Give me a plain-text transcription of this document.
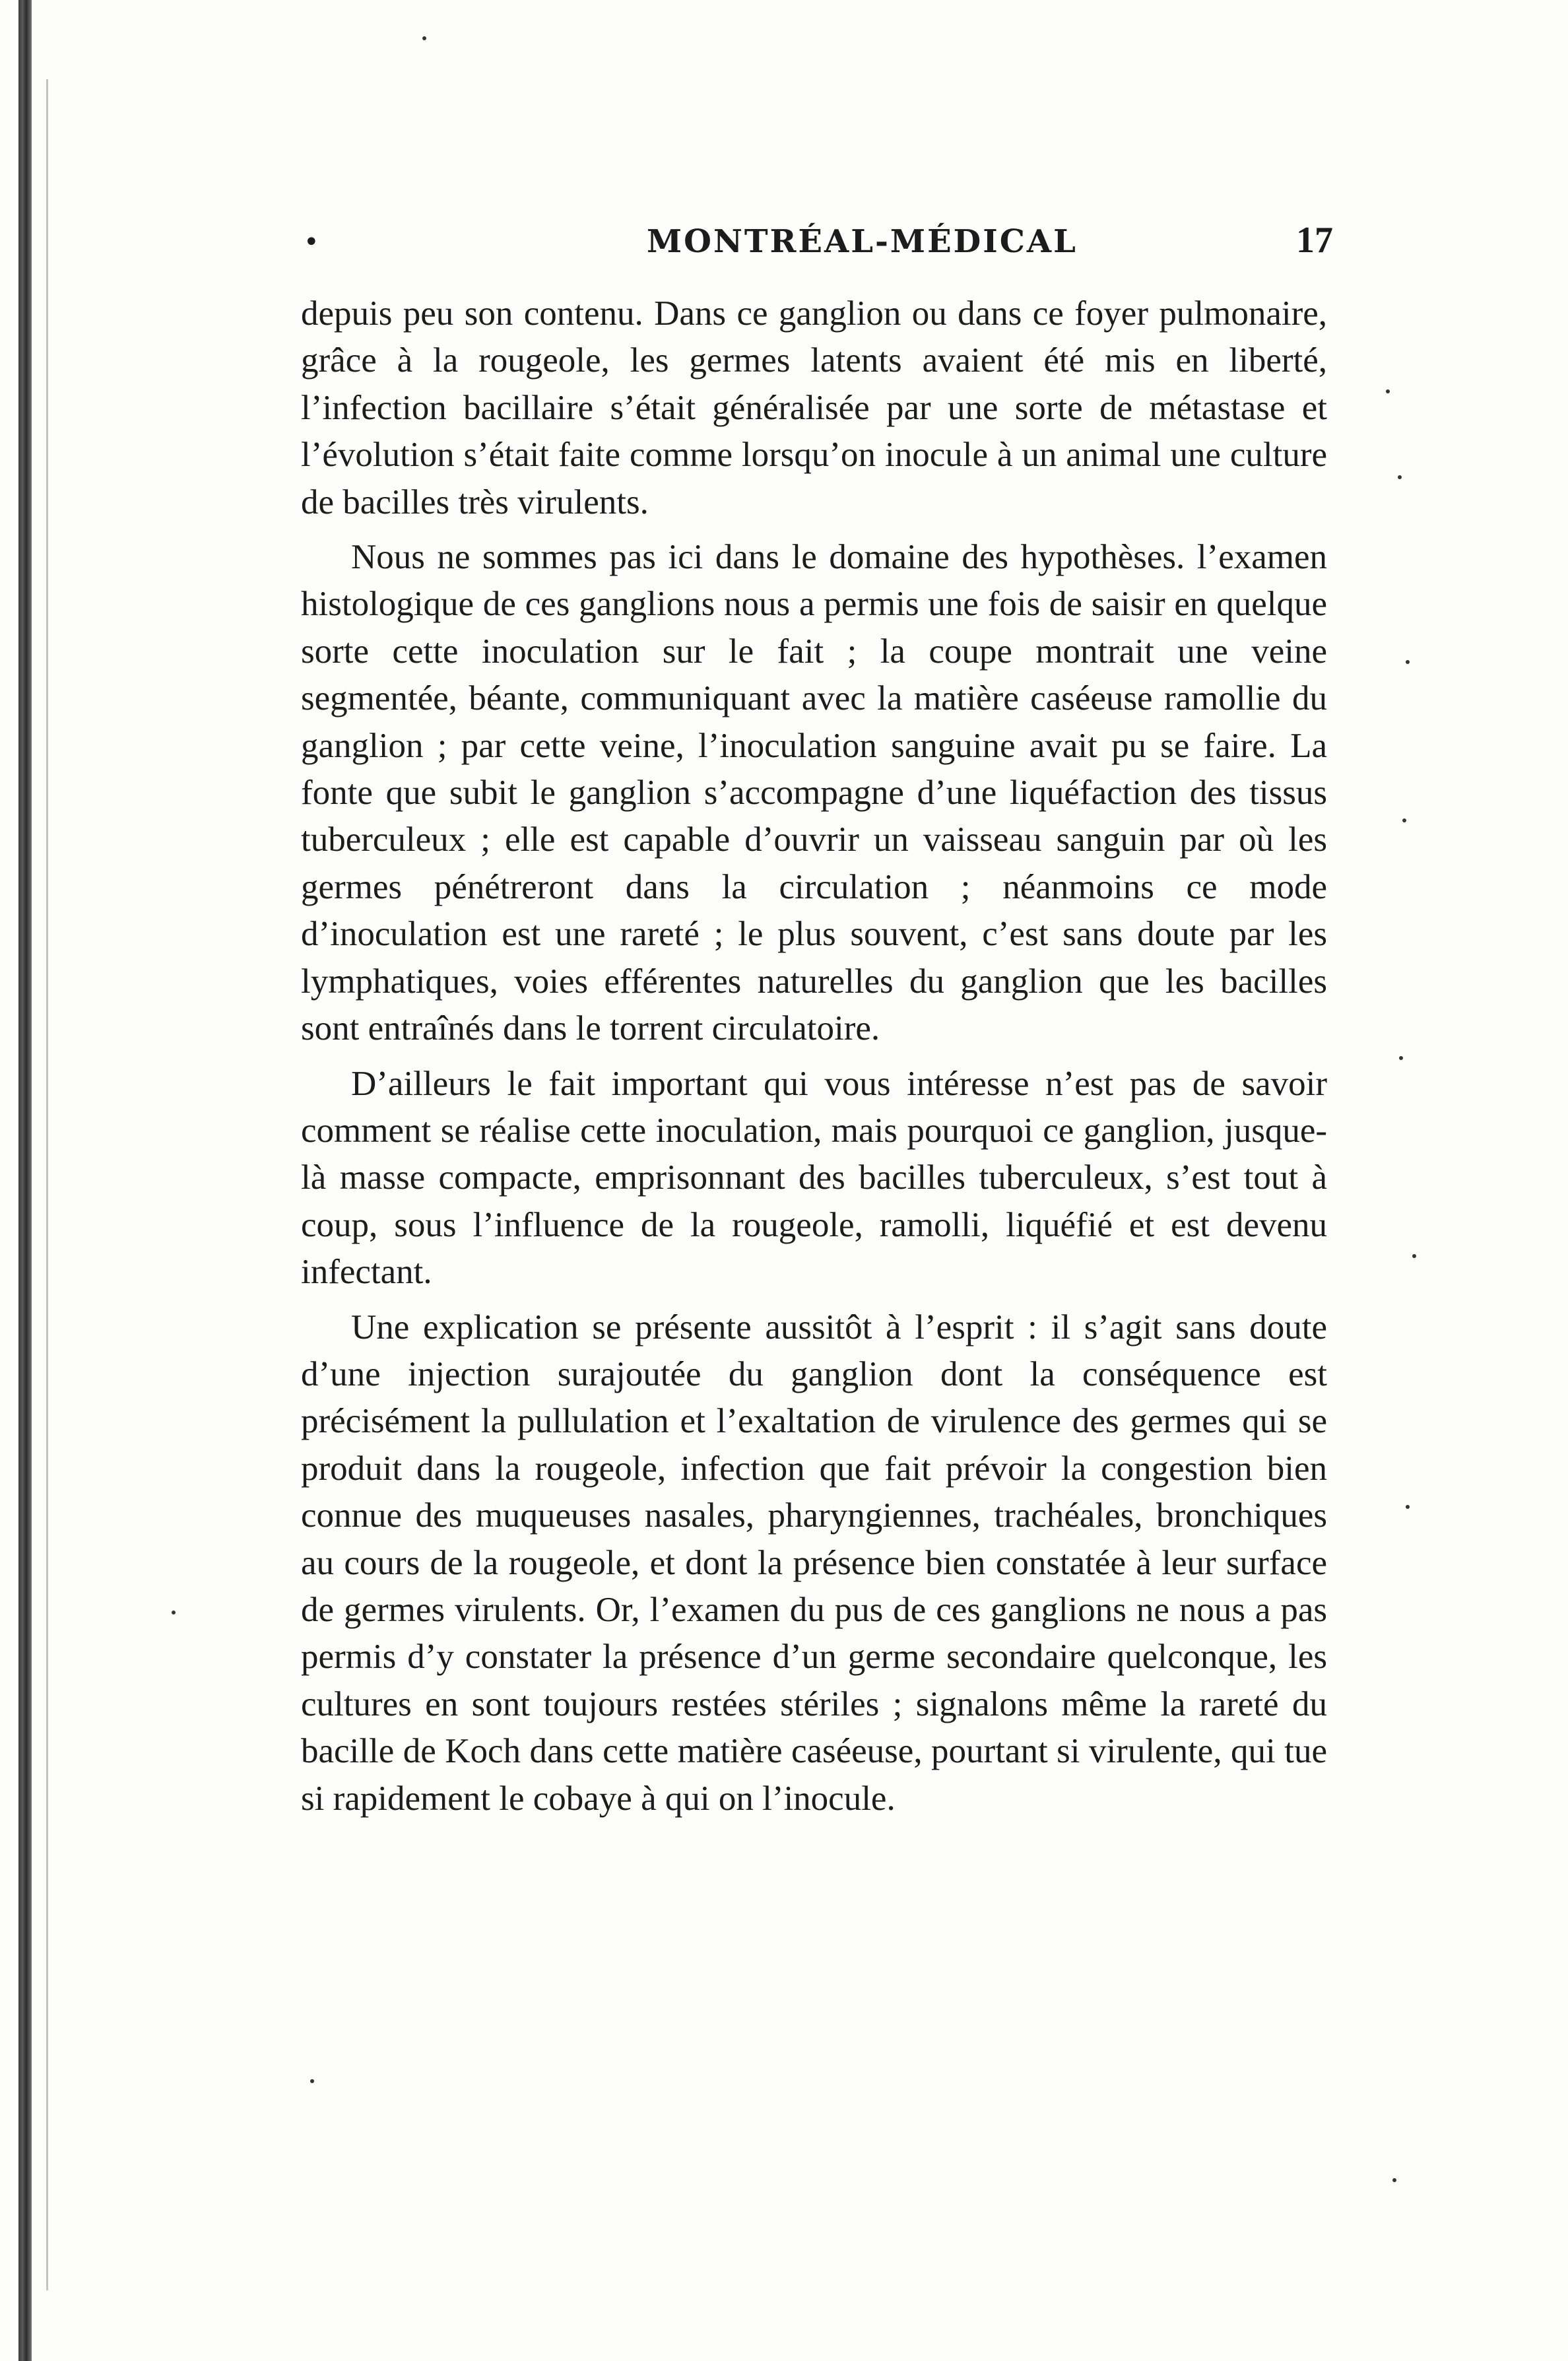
•	MONTRÉAL-MÉDICAL	17

depuis peu son contenu. Dans ce ganglion ou dans ce foyer pulmonaire, grâce à la rougeole, les germes latents avaient été mis en liberté, l’infection bacillaire s’était généralisée par une sorte de métastase et l’évolution s’était faite comme lorsqu’on inocule à un animal une culture de bacilles très virulents.

Nous ne sommes pas ici dans le domaine des hypothèses. l’examen histologique de ces ganglions nous a permis une fois de saisir en quelque sorte cette inoculation sur le fait ; la coupe montrait une veine segmentée, béante, communiquant avec la matière caséeuse ramollie du ganglion ; par cette veine, l’inoculation sanguine avait pu se faire. La fonte que subit le ganglion s’accompagne d’une liquéfaction des tissus tuberculeux ; elle est capable d’ouvrir un vaisseau sanguin par où les germes pénétreront dans la circulation ; néanmoins ce mode d’inoculation est une rareté ; le plus souvent, c’est sans doute par les lymphatiques, voies efférentes naturelles du ganglion que les bacilles sont entraînés dans le torrent circulatoire.

D’ailleurs le fait important qui vous intéresse n’est pas de savoir comment se réalise cette inoculation, mais pourquoi ce ganglion, jusque-là masse compacte, emprisonnant des bacilles tuberculeux, s’est tout à coup, sous l’influence de la rougeole, ramolli, liquéfié et est devenu infectant.

Une explication se présente aussitôt à l’esprit : il s’agit sans doute d’une injection surajoutée du ganglion dont la conséquence est précisément la pullulation et l’exaltation de virulence des germes qui se produit dans la rougeole, infection que fait prévoir la congestion bien connue des muqueuses nasales, pharyngiennes, trachéales, bronchiques au cours de la rougeole, et dont la présence bien constatée à leur surface de germes virulents. Or, l’examen du pus de ces ganglions ne nous a pas permis d’y constater la présence d’un germe secondaire quelconque, les cultures en sont toujours restées stériles ; signalons même la rareté du bacille de Koch dans cette matière caséeuse, pourtant si virulente, qui tue si rapidement le cobaye à qui on l’inocule.
